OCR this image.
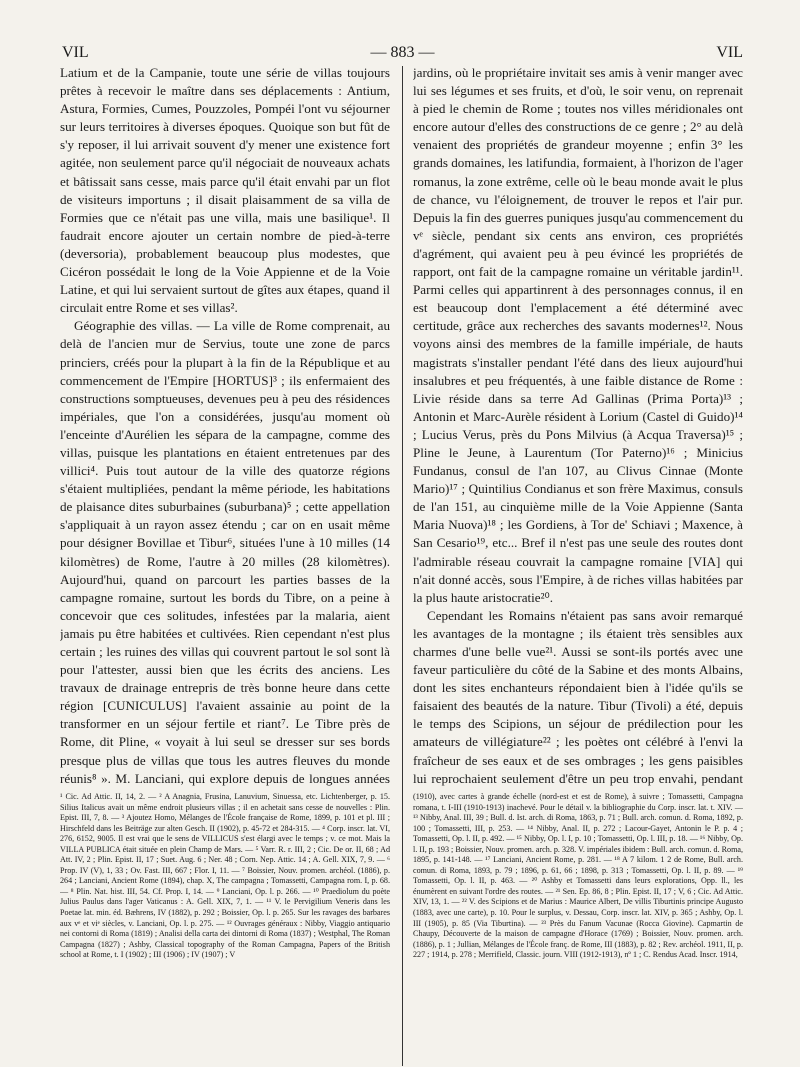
VIL	— 883 —	VIL

Latium et de la Campanie, toute une série de villas toujours prêtes à recevoir le maître dans ses déplacements : Antium, Astura, Formies, Cumes, Pouzzoles, Pompéi l'ont vu séjourner sur leurs territoires à diverses époques. Quoique son but fût de s'y reposer, il lui arrivait souvent d'y mener une existence fort agitée, non seulement parce qu'il négociait de nouveaux achats et bâtissait sans cesse, mais parce qu'il était envahi par un flot de visiteurs importuns ; il disait plaisamment de sa villa de Formies que ce n'était pas une villa, mais une basilique¹. Il faudrait encore ajouter un certain nombre de pied-à-terre (deversoria), probablement beaucoup plus modestes, que Cicéron possédait le long de la Voie Appienne et de la Voie Latine, et qui lui servaient surtout de gîtes aux étapes, quand il circulait entre Rome et ses villas².

Géographie des villas. — La ville de Rome comprenait, au delà de l'ancien mur de Servius, toute une zone de parcs princiers, créés pour la plupart à la fin de la République et au commencement de l'Empire [HORTUS]³ ; ils enfermaient des constructions somptueuses, devenues peu à peu des résidences impériales, que l'on a considérées, jusqu'au moment où l'enceinte d'Aurélien les sépara de la campagne, comme des villas, puisque les plantations en étaient entretenues par des villici⁴. Puis tout autour de la ville des quatorze régions s'étaient multipliées, pendant la même période, les habitations de plaisance dites suburbaines (suburbana)⁵ ; cette appellation s'appliquait à un rayon assez étendu ; car on en usait même pour désigner Bovillae et Tibur⁶, situées l'une à 10 milles (14 kilomètres) de Rome, l'autre à 20 milles (28 kilomètres). Aujourd'hui, quand on parcourt les parties basses de la campagne romaine, surtout les bords du Tibre, on a peine à concevoir que ces solitudes, infestées par la malaria, aient jamais pu être habitées et cultivées. Rien cependant n'est plus certain ; les ruines des villas qui couvrent partout le sol sont là pour l'attester, aussi bien que les écrits des anciens. Les travaux de drainage entrepris de très bonne heure dans cette région [CUNICULUS] l'avaient assainie au point de la transformer en un séjour fertile et riant⁷. Le Tibre près de Rome, dit Pline, « voyait à lui seul se dresser sur ses bords presque plus de villas que tous les autres fleuves du monde réunis⁸ ». M. Lanciani, qui explore depuis de longues années

jardins, où le propriétaire invitait ses amis à venir manger avec lui ses légumes et ses fruits, et d'où, le soir venu, on reprenait à pied le chemin de Rome ; toutes nos villes méridionales ont encore autour d'elles des constructions de ce genre ; 2° au delà venaient des propriétés de grandeur moyenne ; enfin 3° les grands domaines, les latifundia, formaient, à l'horizon de l'ager romanus, la zone extrême, celle où le beau monde avait le plus de chance, vu l'éloignement, de trouver le repos et l'air pur. Depuis la fin des guerres puniques jusqu'au commencement du vᵉ siècle, pendant six cents ans environ, ces propriétés d'agrément, qui avaient peu à peu évincé les propriétés de rapport, ont fait de la campagne romaine un véritable jardin¹¹. Parmi celles qui appartinrent à des personnages connus, il en est beaucoup dont l'emplacement a été déterminé avec certitude, grâce aux recherches des savants modernes¹². Nous voyons ainsi des membres de la famille impériale, de hauts magistrats s'installer pendant l'été dans des lieux aujourd'hui insalubres et peu fréquentés, à une faible distance de Rome : Livie réside dans sa terre Ad Gallinas (Prima Porta)¹³ ; Antonin et Marc-Aurèle résident à Lorium (Castel di Guido)¹⁴ ; Lucius Verus, près du Pons Milvius (à Acqua Traversa)¹⁵ ; Pline le Jeune, à Laurentum (Tor Paterno)¹⁶ ; Minicius Fundanus, consul de l'an 107, au Clivus Cinnae (Monte Mario)¹⁷ ; Quintilius Condianus et son frère Maximus, consuls de l'an 151, au cinquième mille de la Voie Appienne (Santa Maria Nuova)¹⁸ ; les Gordiens, à Tor de' Schiavi ; Maxence, à San Cesario¹⁹, etc... Bref il n'est pas une seule des routes dont l'admirable réseau couvrait la campagne romaine [VIA] qui n'ait donné accès, sous l'Empire, à de riches villas habitées par la plus haute aristocratie²⁰.

Cependant les Romains n'étaient pas sans avoir remarqué les avantages de la montagne ; ils étaient très sensibles aux charmes d'une belle vue²¹. Aussi se sont-ils portés avec une faveur particulière du côté de la Sabine et des monts Albains, dont les sites enchanteurs répondaient bien à l'idée qu'ils se faisaient des beautés de la nature. Tibur (Tivoli) a été, depuis le temps des Scipions, un séjour de prédilection pour les amateurs de villégiature²² ; les poètes ont célébré à l'envi la fraîcheur de ses eaux et de ses ombrages ; les gens paisibles lui reprochaient seulement d'être un peu trop envahi, pendant

¹ Cic. Ad Attic. II, 14, 2. — ² A Anagnia, Frusina, Lanuvium, Sinuessa, etc. Lichtenberger, p. 15. Silius Italicus avait un même endroit plusieurs villas ; il en achetait sans cesse de nouvelles : Plin. Epist. III, 7, 8. — ³ Ajoutez Homo, Mélanges de l'École française de Rome, 1899, p. 101 et pl. III ; Hirschfeld dans les Beiträge zur alten Gesch. II (1902), p. 45-72 et 284-315. — ⁴ Corp. inscr. lat. VI, 276, 6152, 9005. Il est vrai que le sens de VILLICUS s'est élargi avec le temps ; v. ce mot. Mais la VILLA PUBLICA était située en plein Champ de Mars. — ⁵ Varr. R. r. III, 2 ; Cic. De or. II, 68 ; Ad Att. IV, 2 ; Plin. Epist. II, 17 ; Suet. Aug. 6 ; Ner. 48 ; Corn. Nep. Attic. 14 ; A. Gell. XIX, 7, 9. — ⁶ Prop. IV (V), 1, 33 ; Ov. Fast. III, 667 ; Flor. I, 11. — ⁷ Boissier, Nouv. promen. archéol. (1886), p. 264 ; Lanciani, Ancient Rome (1894), chap. X, The campagna ; Tomassetti, Campagna rom. I, p. 68. — ⁸ Plin. Nat. hist. III, 54. Cf. Prop. I, 14. — ⁹ Lanciani, Op. l. p. 266. — ¹⁰ Praediolum du poète Julius Paulus dans l'ager Vaticanus : A. Gell. XIX, 7, 1. — ¹¹ V. le Pervigilium Veneris dans les Poetae lat. min. éd. Bæhrens, IV (1882), p. 292 ; Boissier, Op. l. p. 265. Sur les ravages des barbares aux vᵉ et viᵉ siècles, v. Lanciani, Op. l. p. 275. — ¹² Ouvrages généraux : Nibby, Viaggio antiquario nei contorni di Roma (1819) ; Analisi della carta dei dintorni di Roma (1837) ; Westphal, The Roman Campagna (1827) ; Ashby, Classical topography of the Roman Campagna, Papers of the British school at Rome, t. I (1902) ; III (1906) ; IV (1907) ; V

(1910), avec cartes à grande échelle (nord-est et est de Rome), à suivre ; Tomassetti, Campagna romana, t. I-III (1910-1913) inachevé. Pour le détail v. la bibliographie du Corp. inscr. lat. t. XIV. — ¹³ Nibby, Anal. III, 39 ; Bull. d. Ist. arch. di Roma, 1863, p. 71 ; Bull. arch. comun. d. Roma, 1892, p. 100 ; Tomassetti, III, p. 253. — ¹⁴ Nibby, Anal. II, p. 272 ; Lacour-Gayet, Antonin le P. p. 4 ; Tomassetti, Op. l. II, p. 492. — ¹⁵ Nibby, Op. l. I, p. 10 ; Tomassetti, Op. l. III, p. 18. — ¹⁶ Nibby, Op. l. II, p. 193 ; Boissier, Nouv. promen. arch. p. 328. V. impériales ibidem : Bull. arch. comun. d. Roma, 1895, p. 141-148. — ¹⁷ Lanciani, Ancient Rome, p. 281. — ¹⁸ A 7 kilom. 1 2 de Rome, Bull. arch. comun. di Roma, 1893, p. 79 ; 1896, p. 61, 66 ; 1898, p. 313 ; Tomassetti, Op. l. II, p. 89. — ¹⁹ Tomassetti, Op. l. II, p. 463. — ²⁰ Ashby et Tomassetti dans leurs explorations, Opp. ll., les énumèrent en suivant l'ordre des routes. — ²¹ Sen. Ep. 86, 8 ; Plin. Epist. II, 17 ; V, 6 ; Cic. Ad Attic. XIV, 13, 1. — ²² V. des Scipions et de Marius : Maurice Albert, De villis Tiburtinis principe Augusto (1883, avec une carte), p. 10. Pour le surplus, v. Dessau, Corp. inscr. lat. XIV, p. 365 ; Ashby, Op. l. III (1905), p. 85 (Via Tiburtina). — ²³ Près du Fanum Vacunae (Rocca Giovine). Capmartin de Chaupy, Découverte de la maison de campagne d'Horace (1769) ; Boissier, Nouv. promen. arch. (1886), p. 1 ; Jullian, Mélanges de l'École franç. de Rome, III (1883), p. 82 ; Rev. archéol. 1911, II, p. 227 ; 1914, p. 278 ; Merrifield, Classic. journ. VIII (1912-1913), nº 1 ; C. Rendus Acad. Inscr. 1914,
